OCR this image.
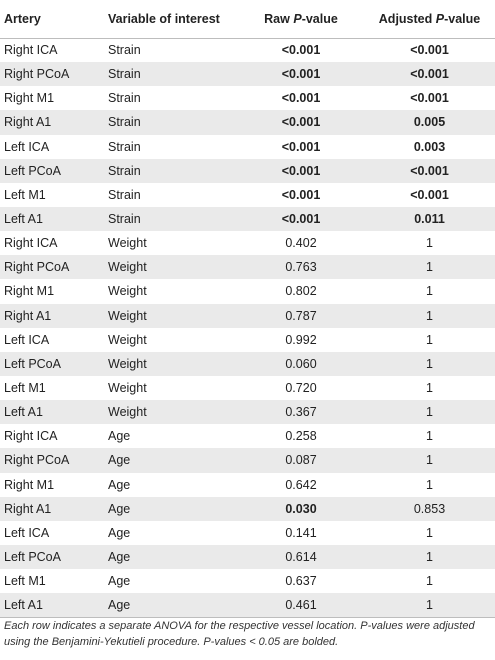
Artery	Variable of interest	Raw P-value	Adjusted P-value
Right ICA	Strain	<0.001	<0.001
Right PCoA	Strain	<0.001	<0.001
Right M1	Strain	<0.001	<0.001
Right A1	Strain	<0.001	0.005
Left ICA	Strain	<0.001	0.003
Left PCoA	Strain	<0.001	<0.001
Left M1	Strain	<0.001	<0.001
Left A1	Strain	<0.001	0.011
Right ICA	Weight	0.402	1
Right PCoA	Weight	0.763	1
Right M1	Weight	0.802	1
Right A1	Weight	0.787	1
Left ICA	Weight	0.992	1
Left PCoA	Weight	0.060	1
Left M1	Weight	0.720	1
Left A1	Weight	0.367	1
Right ICA	Age	0.258	1
Right PCoA	Age	0.087	1
Right M1	Age	0.642	1
Right A1	Age	0.030	0.853
Left ICA	Age	0.141	1
Left PCoA	Age	0.614	1
Left M1	Age	0.637	1
Left A1	Age	0.461	1
Each row indicates a separate ANOVA for the respective vessel location. P-values were adjusted using the Benjamini-Yekutieli procedure. P-values < 0.05 are bolded.
